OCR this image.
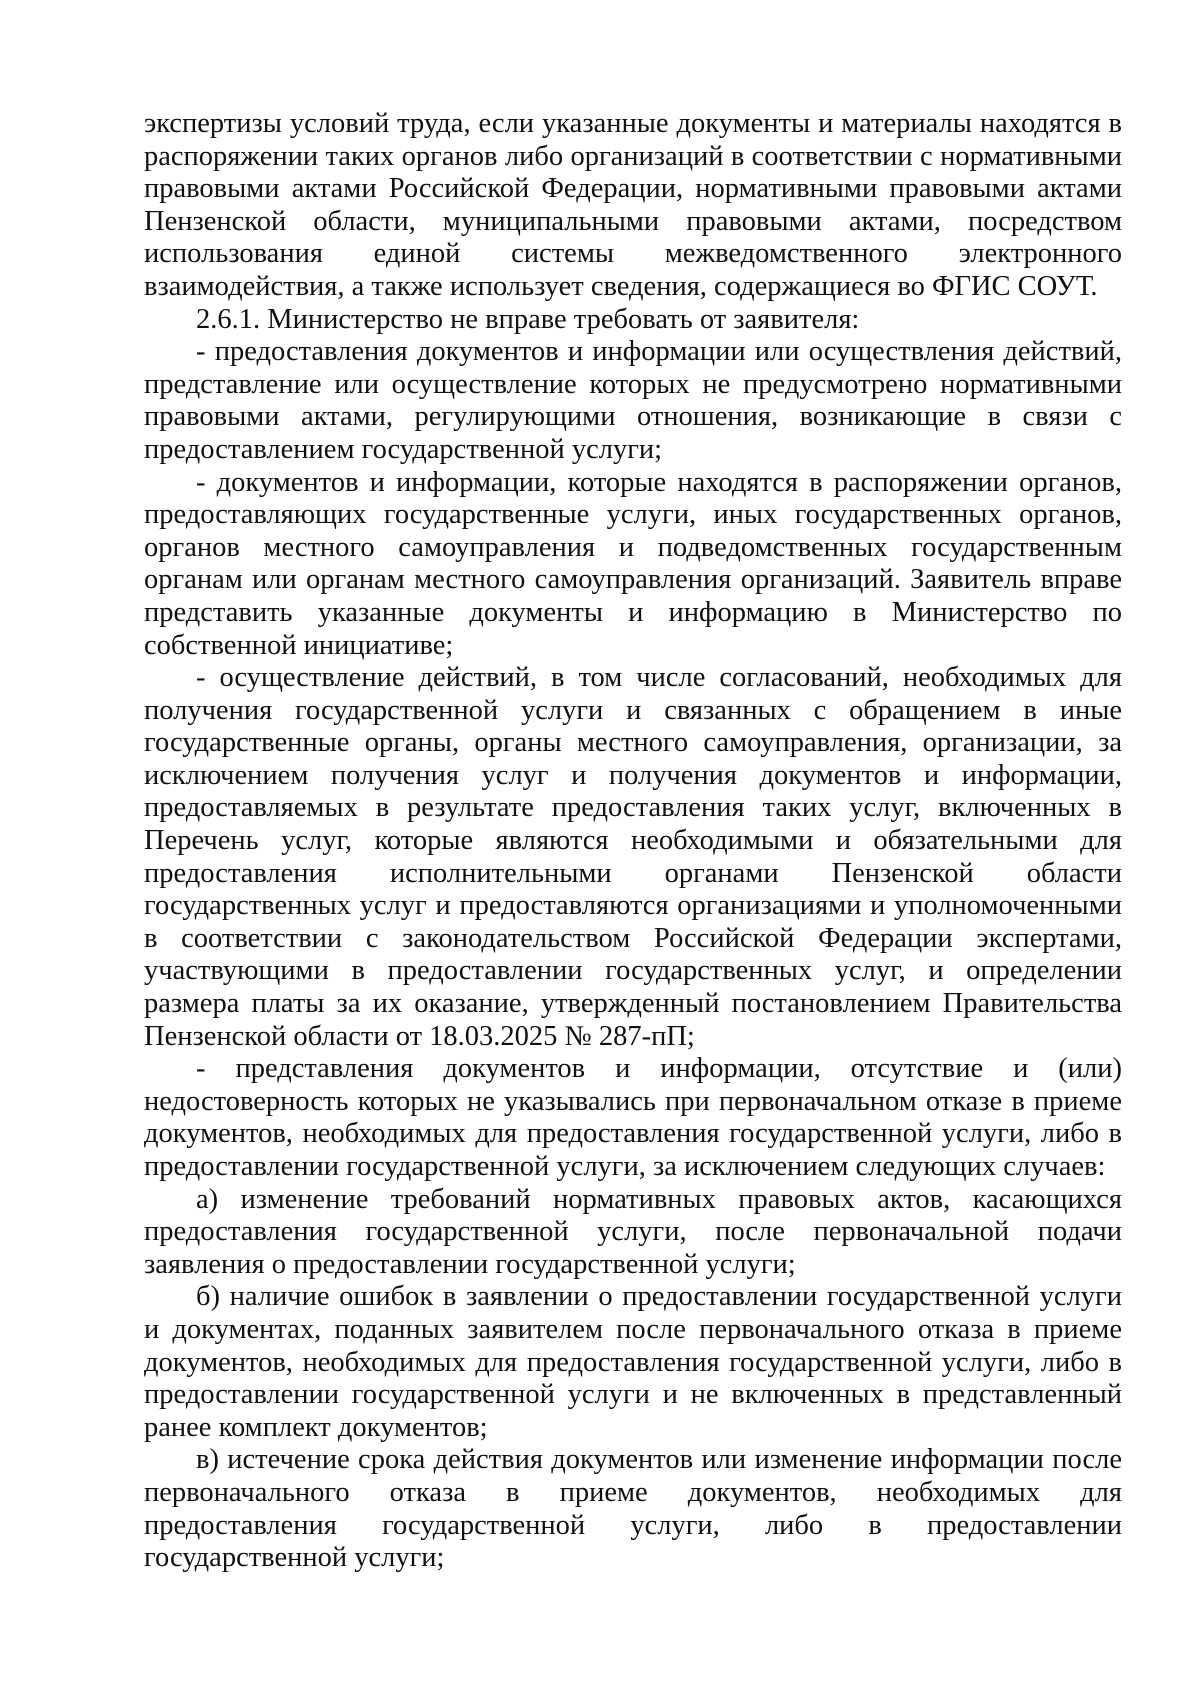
экспертизы условий труда, если указанные документы и материалы находятся в распоряжении таких органов либо организаций в соответствии с нормативными правовыми актами Российской Федерации, нормативными правовыми актами Пензенской области, муниципальными правовыми актами, посредством использования единой системы межведомственного электронного взаимодействия, а также использует сведения, содержащиеся во ФГИС СОУТ.

2.6.1. Министерство не вправе требовать от заявителя:

- предоставления документов и информации или осуществления действий, представление или осуществление которых не предусмотрено нормативными правовыми актами, регулирующими отношения, возникающие в связи с предоставлением государственной услуги;

- документов и информации, которые находятся в распоряжении органов, предоставляющих государственные услуги, иных государственных органов, органов местного самоуправления и подведомственных государственным органам или органам местного самоуправления организаций. Заявитель вправе представить указанные документы и информацию в Министерство по собственной инициативе;

- осуществление действий, в том числе согласований, необходимых для получения государственной услуги и связанных с обращением в иные государственные органы, органы местного самоуправления, организации, за исключением получения услуг и получения документов и информации, предоставляемых в результате предоставления таких услуг, включенных в Перечень услуг, которые являются необходимыми и обязательными для предоставления исполнительными органами Пензенской области государственных услуг и предоставляются организациями и уполномоченными в соответствии с законодательством Российской Федерации экспертами, участвующими в предоставлении государственных услуг, и определении размера платы за их оказание, утвержденный постановлением Правительства Пензенской области от 18.03.2025 № 287-пП;

- представления документов и информации, отсутствие и (или) недостоверность которых не указывались при первоначальном отказе в приеме документов, необходимых для предоставления государственной услуги, либо в предоставлении государственной услуги, за исключением следующих случаев:

а) изменение требований нормативных правовых актов, касающихся предоставления государственной услуги, после первоначальной подачи заявления о предоставлении государственной услуги;

б) наличие ошибок в заявлении о предоставлении государственной услуги и документах, поданных заявителем после первоначального отказа в приеме документов, необходимых для предоставления государственной услуги, либо в предоставлении государственной услуги и не включенных в представленный ранее комплект документов;

в) истечение срока действия документов или изменение информации после первоначального отказа в приеме документов, необходимых для предоставления государственной услуги, либо в предоставлении государственной услуги;
